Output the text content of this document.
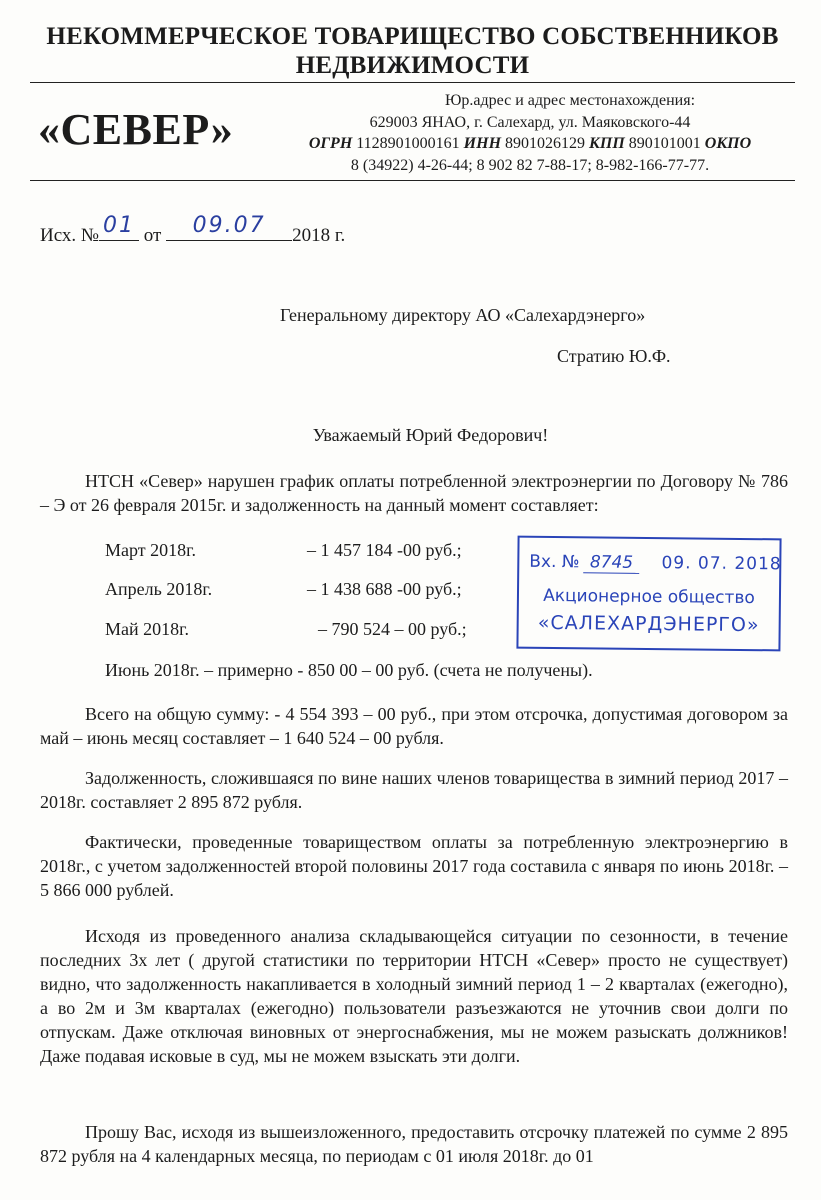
НЕКОММЕРЧЕСКОЕ ТОВАРИЩЕСТВО СОБСТВЕННИКОВ
НЕДВИЖИМОСТИ
«СЕВЕР»
Юр.адрес и адрес местонахождения:
629003 ЯНАО, г. Салехард, ул. Маяковского-44
ОГРН 1128901000161 ИНН 8901026129 КПП 890101001 ОКПО
8 (34922) 4-26-44; 8 902 82 7-88-17; 8-982-166-77-77.
Исх. № 01 от	09.07	2018 г.
Генеральному директору АО «Салехардэнерго»
Стратию Ю.Ф.
Уважаемый Юрий Федорович!
НТСН «Север» нарушен график оплаты потребленной электроэнергии по Договору № 786 – Э от 26 февраля 2015г. и задолженность на данный момент составляет:
Март 2018г.	– 1 457 184 -00 руб.;
Апрель 2018г.	– 1 438 688 -00 руб.;
Май 2018г.	– 790 524 – 00 руб.;
Июнь 2018г. – примерно - 850 00 – 00 руб. (счета не получены).
Вх. № 8745 09. 07. 2018
Акционерное общество
«САЛЕХАРДЭНЕРГО»
Всего на общую сумму: - 4 554 393 – 00 руб., при этом отсрочка, допустимая договором за май – июнь месяц составляет – 1 640 524 – 00 рубля.
Задолженность, сложившаяся по вине наших членов товарищества в зимний период 2017 – 2018г. составляет 2 895 872 рубля.
Фактически, проведенные товариществом оплаты за потребленную электроэнергию в 2018г., с учетом задолженностей второй половины 2017 года составила с января по июнь 2018г. – 5 866 000 рублей.
Исходя из проведенного анализа складывающейся ситуации по сезонности, в течение последних 3х лет ( другой статистики по территории НТСН «Север» просто не существует) видно, что задолженность накапливается в холодный зимний период 1 – 2 кварталах (ежегодно), а во 2м и 3м кварталах (ежегодно) пользователи разъезжаются не уточнив свои долги по отпускам. Даже отключая виновных от энергоснабжения, мы не можем разыскать должников! Даже подавая исковые в суд, мы не можем взыскать эти долги.
Прошу Вас, исходя из вышеизложенного, предоставить отсрочку платежей по сумме 2 895 872 рубля на 4 календарных месяца, по периодам с 01 июля 2018г. до 01
